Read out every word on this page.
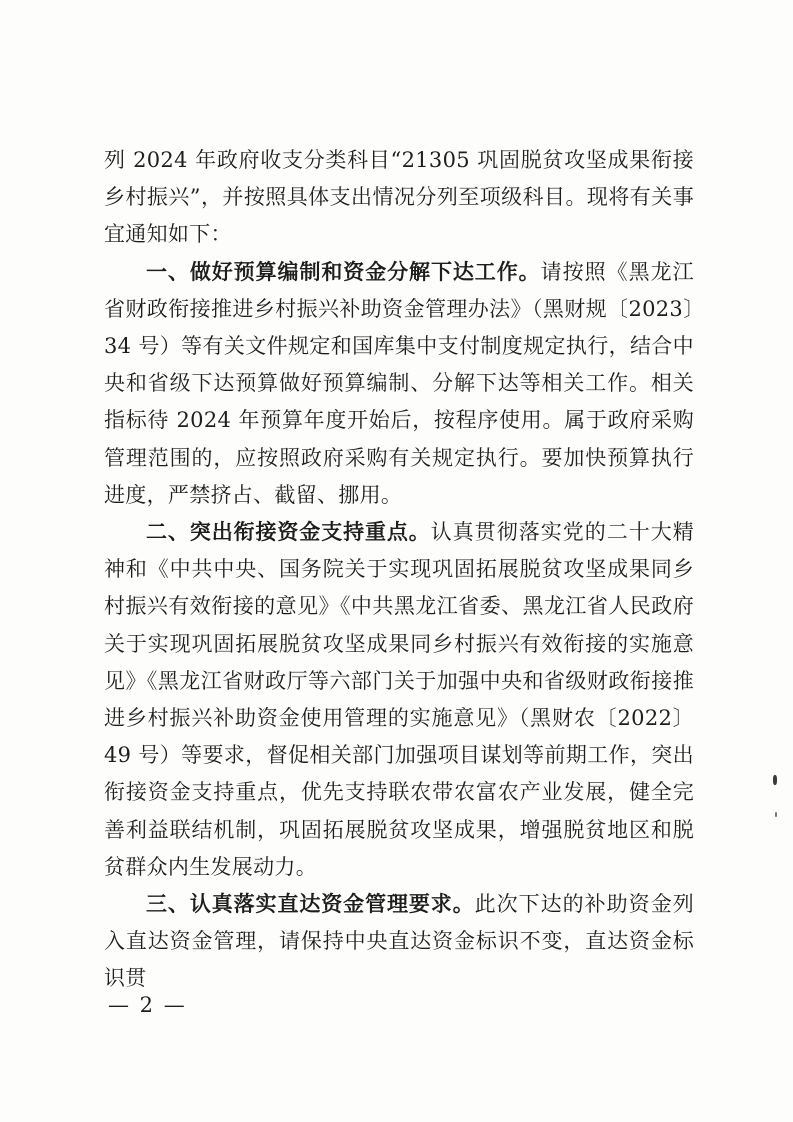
列 2024 年政府收支分类科目“21305 巩固脱贫攻坚成果衔接乡村振兴”，并按照具体支出情况分列至项级科目。现将有关事宜通知如下：

一、做好预算编制和资金分解下达工作。请按照《黑龙江省财政衔接推进乡村振兴补助资金管理办法》（黑财规〔2023〕34 号）等有关文件规定和国库集中支付制度规定执行，结合中央和省级下达预算做好预算编制、分解下达等相关工作。相关指标待 2024 年预算年度开始后，按程序使用。属于政府采购管理范围的，应按照政府采购有关规定执行。要加快预算执行进度，严禁挤占、截留、挪用。

二、突出衔接资金支持重点。认真贯彻落实党的二十大精神和《中共中央、国务院关于实现巩固拓展脱贫攻坚成果同乡村振兴有效衔接的意见》《中共黑龙江省委、黑龙江省人民政府关于实现巩固拓展脱贫攻坚成果同乡村振兴有效衔接的实施意见》《黑龙江省财政厅等六部门关于加强中央和省级财政衔接推进乡村振兴补助资金使用管理的实施意见》（黑财农〔2022〕49 号）等要求，督促相关部门加强项目谋划等前期工作，突出衔接资金支持重点，优先支持联农带农富农产业发展，健全完善利益联结机制，巩固拓展脱贫攻坚成果，增强脱贫地区和脱贫群众内生发展动力。

三、认真落实直达资金管理要求。此次下达的补助资金列入直达资金管理，请保持中央直达资金标识不变，直达资金标识贯

— 2 —
